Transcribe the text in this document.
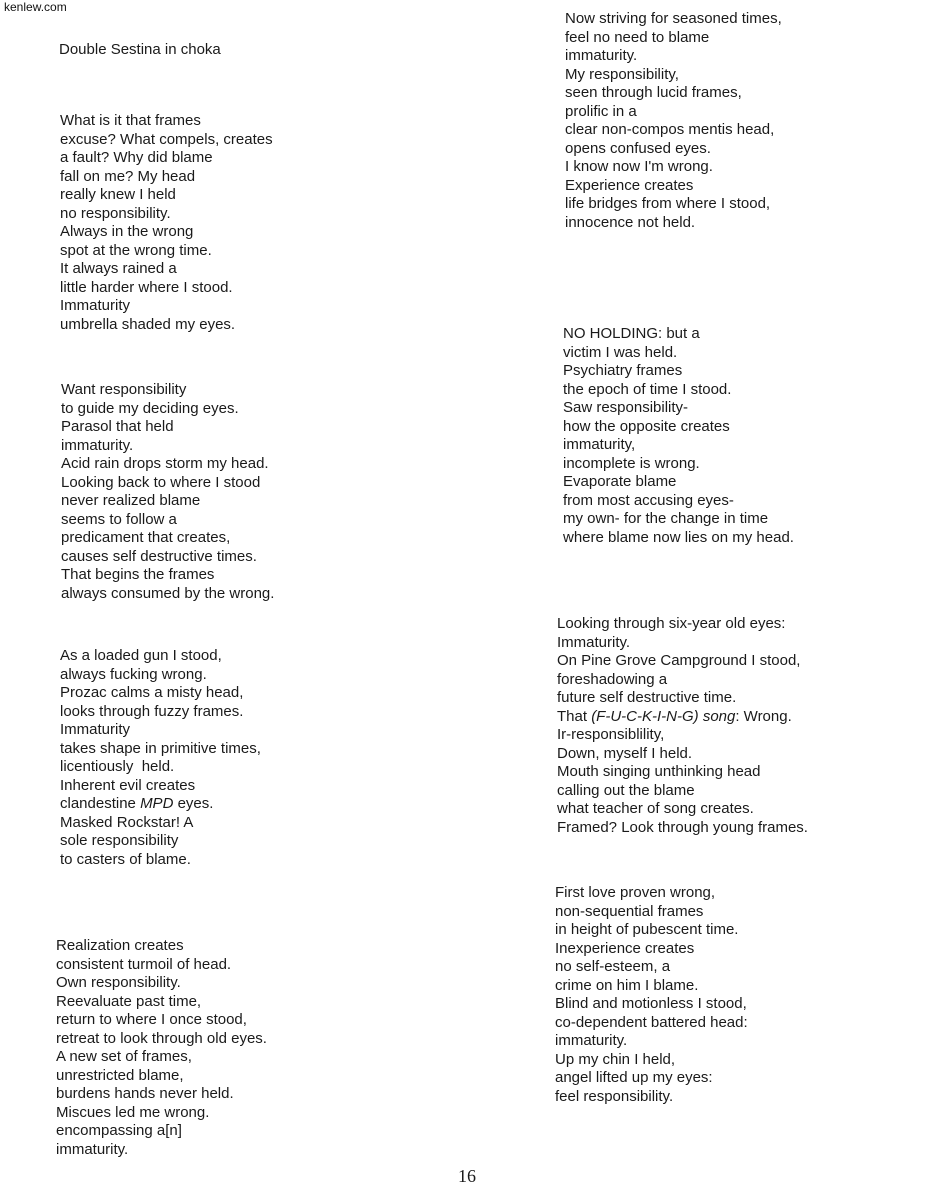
kenlew.com
Double Sestina in choka
What is it that frames
excuse? What compels, creates
a fault? Why did blame
fall on me? My head
really knew I held
no responsibility.
Always in the wrong
spot at the wrong time.
It always rained a
little harder where I stood.
Immaturity
umbrella shaded my eyes.
Want responsibility
to guide my deciding eyes.
Parasol that held
immaturity.
Acid rain drops storm my head.
Looking back to where I stood
never realized blame
seems to follow a
predicament that creates,
causes self destructive times.
That begins the frames
always consumed by the wrong.
As a loaded gun I stood,
always fucking wrong.
Prozac calms a misty head,
looks through fuzzy frames.
Immaturity
takes shape in primitive times,
licentiously  held.
Inherent evil creates
clandestine MPD eyes.
Masked Rockstar! A
sole responsibility
to casters of blame.
Realization creates
consistent turmoil of head.
Own responsibility.
Reevaluate past time,
return to where I once stood,
retreat to look through old eyes.
A new set of frames,
unrestricted blame,
burdens hands never held.
Miscues led me wrong.
encompassing a[n]
immaturity.
Now striving for seasoned times,
feel no need to blame
immaturity.
My responsibility,
seen through lucid frames,
prolific in a
clear non-compos mentis head,
opens confused eyes.
I know now I'm wrong.
Experience creates
life bridges from where I stood,
innocence not held.
NO HOLDING: but a
victim I was held.
Psychiatry frames
the epoch of time I stood.
Saw responsibility-
how the opposite creates
immaturity,
incomplete is wrong.
Evaporate blame
from most accusing eyes-
my own- for the change in time
where blame now lies on my head.
Looking through six-year old eyes:
Immaturity.
On Pine Grove Campground I stood,
foreshadowing a
future self destructive time.
That (F-U-C-K-I-N-G) song: Wrong.
Ir-responsiblility,
Down, myself I held.
Mouth singing unthinking head
calling out the blame
what teacher of song creates.
Framed? Look through young frames.
First love proven wrong,
non-sequential frames
in height of pubescent time.
Inexperience creates
no self-esteem, a
crime on him I blame.
Blind and motionless I stood,
co-dependent battered head:
immaturity.
Up my chin I held,
angel lifted up my eyes:
feel responsibility.
16
